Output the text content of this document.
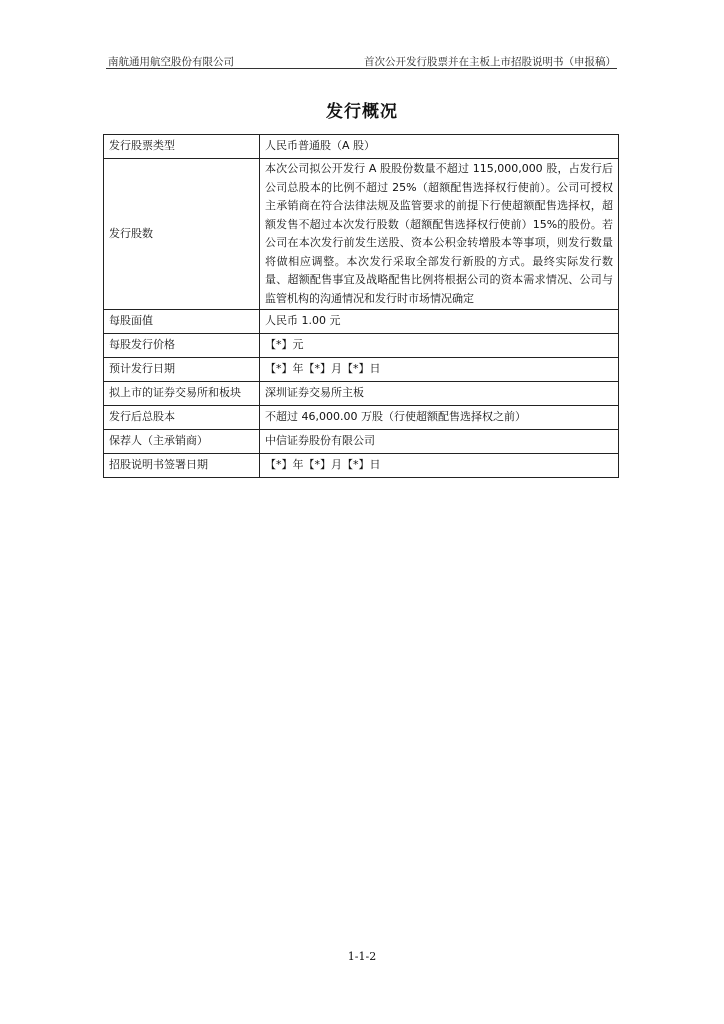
南航通用航空股份有限公司	首次公开发行股票并在主板上市招股说明书（申报稿）
发行概况
发行股票类型	人民币普通股（A 股）
发行股数	本次公司拟公开发行 A 股股份数量不超过 115,000,000 股，占发行后公司总股本的比例不超过 25%（超额配售选择权行使前）。公司可授权主承销商在符合法律法规及监管要求的前提下行使超额配售选择权，超额发售不超过本次发行股数（超额配售选择权行使前）15%的股份。若公司在本次发行前发生送股、资本公积金转增股本等事项，则发行数量将做相应调整。本次发行采取全部发行新股的方式。最终实际发行数量、超额配售事宜及战略配售比例将根据公司的资本需求情况、公司与监管机构的沟通情况和发行时市场情况确定
每股面值	人民币 1.00 元
每股发行价格	【*】元
预计发行日期	【*】年【*】月【*】日
拟上市的证券交易所和板块	深圳证券交易所主板
发行后总股本	不超过 46,000.00 万股（行使超额配售选择权之前）
保荐人（主承销商）	中信证券股份有限公司
招股说明书签署日期	【*】年【*】月【*】日
1-1-2
